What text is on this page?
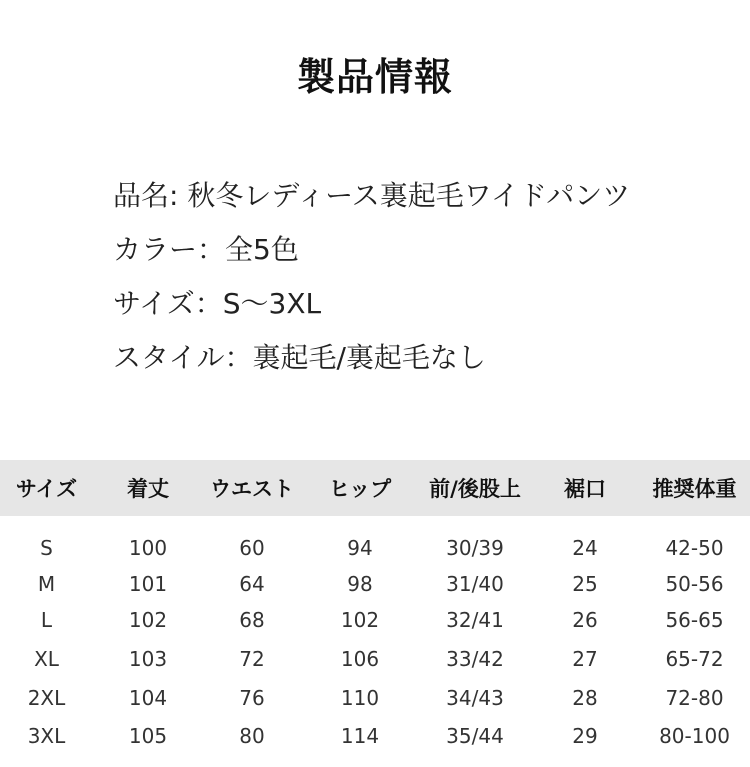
製品情報
品名: 秋冬レディース裏起毛ワイドパンツ
カラー：全5色
サイズ：S〜3XL
スタイル：裏起毛/裏起毛なし
サイズ	着丈	ウエスト	ヒップ	前/後股上	裾口	推奨体重
S	100	60	94	30/39	24	42-50
M	101	64	98	31/40	25	50-56
L	102	68	102	32/41	26	56-65
XL	103	72	106	33/42	27	65-72
2XL	104	76	110	34/43	28	72-80
3XL	105	80	114	35/44	29	80-100
